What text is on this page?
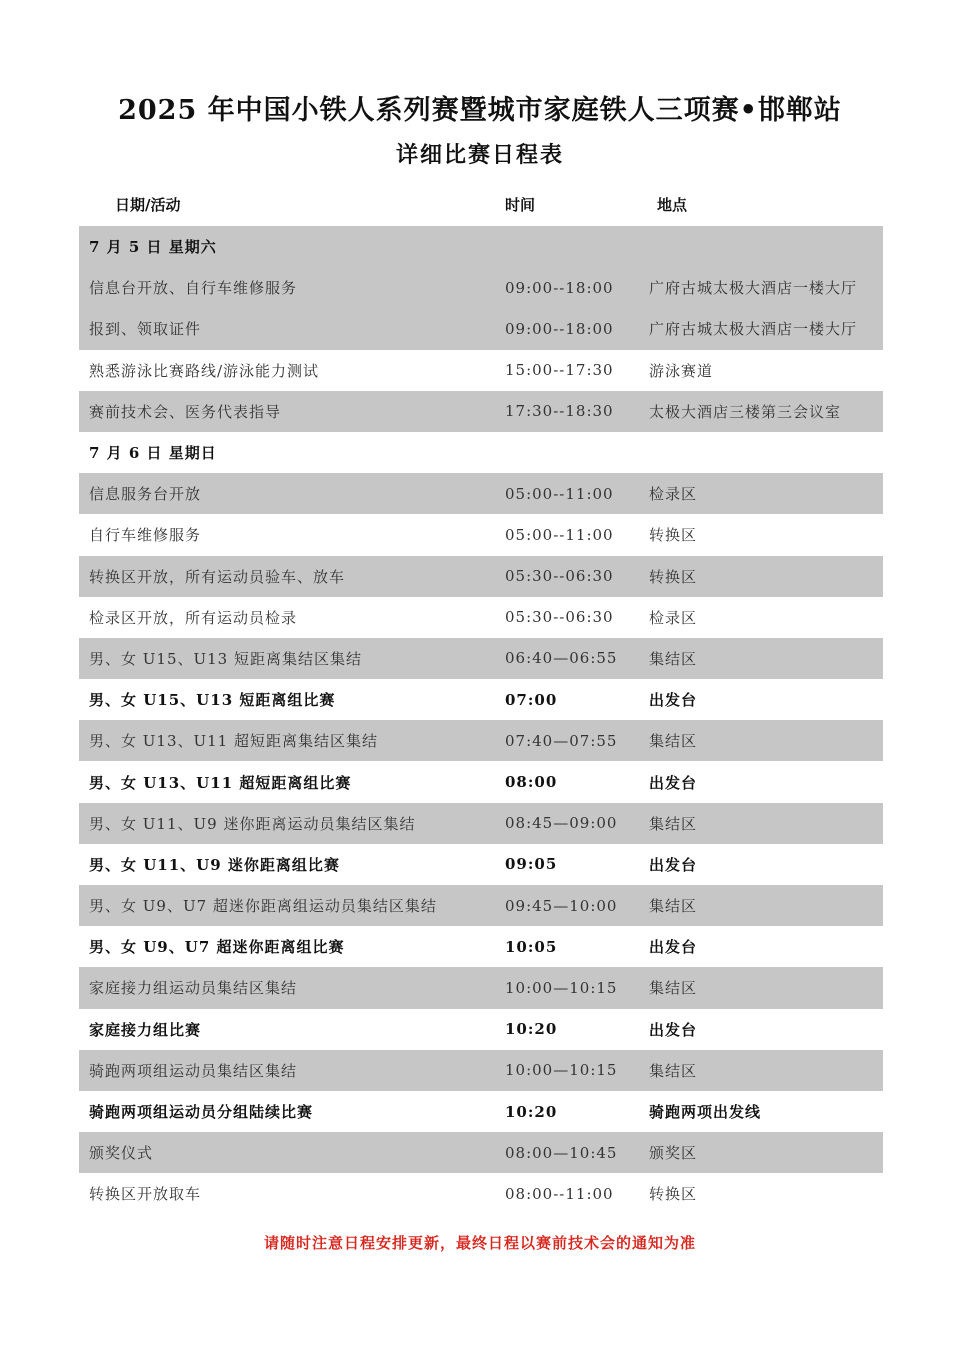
2025 年中国小铁人系列赛暨城市家庭铁人三项赛•邯郸站
详细比赛日程表
日期/活动	时间	地点
7 月 5 日 星期六
信息台开放、自行车维修服务	09:00--18:00	广府古城太极大酒店一楼大厅
报到、领取证件	09:00--18:00	广府古城太极大酒店一楼大厅
熟悉游泳比赛路线/游泳能力测试	15:00--17:30	游泳赛道
赛前技术会、医务代表指导	17:30--18:30	太极大酒店三楼第三会议室
7 月 6 日 星期日
信息服务台开放	05:00--11:00	检录区
自行车维修服务	05:00--11:00	转换区
转换区开放，所有运动员验车、放车	05:30--06:30	转换区
检录区开放，所有运动员检录	05:30--06:30	检录区
男、女 U15、U13 短距离集结区集结	06:40—06:55	集结区
男、女 U15、U13 短距离组比赛	07:00	出发台
男、女 U13、U11 超短距离集结区集结	07:40—07:55	集结区
男、女 U13、U11 超短距离组比赛	08:00	出发台
男、女 U11、U9 迷你距离运动员集结区集结	08:45—09:00	集结区
男、女 U11、U9 迷你距离组比赛	09:05	出发台
男、女 U9、U7 超迷你距离组运动员集结区集结	09:45—10:00	集结区
男、女 U9、U7 超迷你距离组比赛	10:05	出发台
家庭接力组运动员集结区集结	10:00—10:15	集结区
家庭接力组比赛	10:20	出发台
骑跑两项组运动员集结区集结	10:00—10:15	集结区
骑跑两项组运动员分组陆续比赛	10:20	骑跑两项出发线
颁奖仪式	08:00—10:45	颁奖区
转换区开放取车	08:00--11:00	转换区
请随时注意日程安排更新，最终日程以赛前技术会的通知为准
